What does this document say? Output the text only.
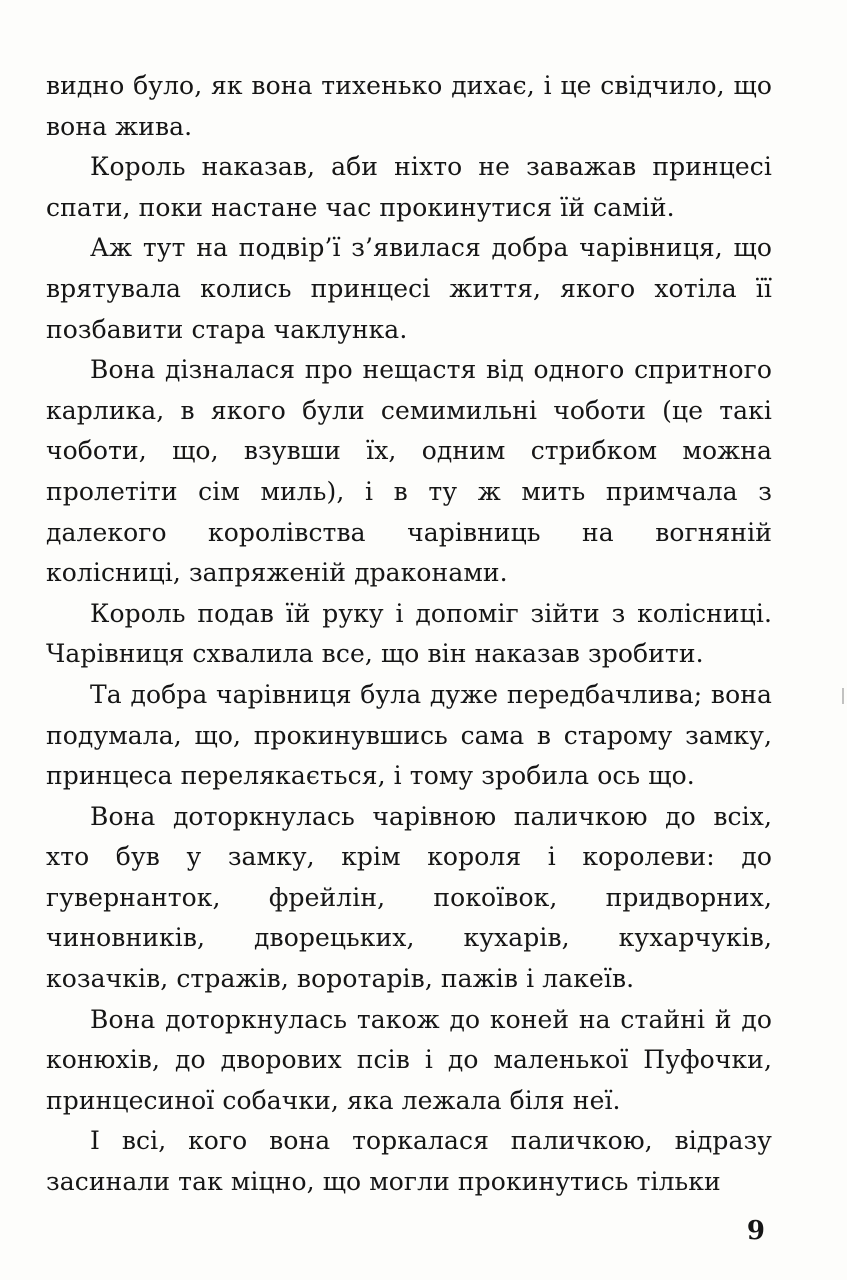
видно було, як вона тихенько дихає, і це свідчило, що вона жива.

Король наказав, аби ніхто не заважав принцесі спати, поки настане час прокинутися їй самій.

Аж тут на подвір’ї з’явилася добра чарівниця, що врятувала колись принцесі життя, якого хотіла її позбавити стара чаклунка.

Вона дізналася про нещастя від одного спритного карлика, в якого були семимильні чоботи (це такі чоботи, що, взувши їх, одним стрибком можна пролетіти сім миль), і в ту ж мить примчала з далекого королівства чарівниць на вогняній колісниці, запряженій драконами.

Король подав їй руку і допоміг зійти з колісниці. Чарівниця схвалила все, що він наказав зробити.

Та добра чарівниця була дуже передбачлива; вона подумала, що, прокинувшись сама в старому замку, принцеса перелякається, і тому зробила ось що.

Вона доторкнулась чарівною паличкою до всіх, хто був у замку, крім короля і королеви: до гувернанток, фрейлін, покоївок, придворних, чиновників, дворецьких, кухарів, кухарчуків, козачків, стражів, воротарів, пажів і лакеїв.

Вона доторкнулась також до коней на стайні й до конюхів, до дворових псів і до маленької Пуфочки, принцесиної собачки, яка лежала біля неї.

І всі, кого вона торкалася паличкою, відразу засинали так міцно, що могли прокинутись тільки

9
